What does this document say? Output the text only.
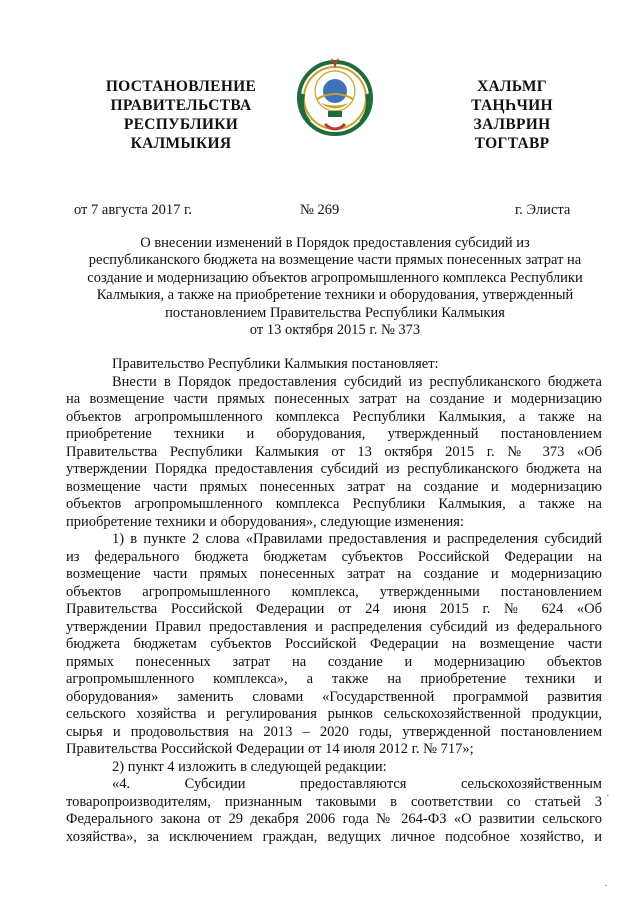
ПОСТАНОВЛЕНИЕ
ПРАВИТЕЛЬСТВА
РЕСПУБЛИКИ
КАЛМЫКИЯ
ХАЛЬМГ
ТАҢҺЧИН
ЗАЛВРИН
ТОГТАВР
от 7 августа 2017 г.	№ 269	г. Элиста
О внесении изменений в Порядок предоставления субсидий из
республиканского бюджета на возмещение части прямых понесенных затрат на
создание и модернизацию объектов агропромышленного комплекса Республики
Калмыкия, а также на приобретение техники и оборудования, утвержденный
постановлением Правительства Республики Калмыкия
от 13 октября 2015 г. № 373
Правительство Республики Калмыкия постановляет:
Внести в Порядок предоставления субсидий из республиканского бюджета
на возмещение части прямых понесенных затрат на создание и модернизацию
объектов агропромышленного комплекса Республики Калмыкия, а также на
приобретение техники и оборудования, утвержденный постановлением
Правительства Республики Калмыкия от 13 октября 2015 г. № 373 «Об
утверждении Порядка предоставления субсидий из республиканского бюджета на
возмещение части прямых понесенных затрат на создание и модернизацию
объектов агропромышленного комплекса Республики Калмыкия, а также на
приобретение техники и оборудования», следующие изменения:
1) в пункте 2 слова «Правилами предоставления и распределения субсидий
из федерального бюджета бюджетам субъектов Российской Федерации на
возмещение части прямых понесенных затрат на создание и модернизацию
объектов агропромышленного комплекса, утвержденными постановлением
Правительства Российской Федерации от 24 июня 2015 г. № 624 «Об
утверждении Правил предоставления и распределения субсидий из федерального
бюджета бюджетам субъектов Российской Федерации на возмещение части
прямых понесенных затрат на создание и модернизацию объектов
агропромышленного комплекса», а также на приобретение техники и
оборудования» заменить словами «Государственной программой развития
сельского хозяйства и регулирования рынков сельскохозяйственной продукции,
сырья и продовольствия на 2013 – 2020 годы, утвержденной постановлением
Правительства Российской Федерации от 14 июля 2012 г. № 717»;
2) пункт 4 изложить в следующей редакции:
«4. Субсидии предоставляются сельскохозяйственным
товаропроизводителям, признанным таковыми в соответствии со статьей 3
Федерального закона от 29 декабря 2006 года № 264-ФЗ «О развитии сельского
хозяйства», за исключением граждан, ведущих личное подсобное хозяйство, и
·
·
